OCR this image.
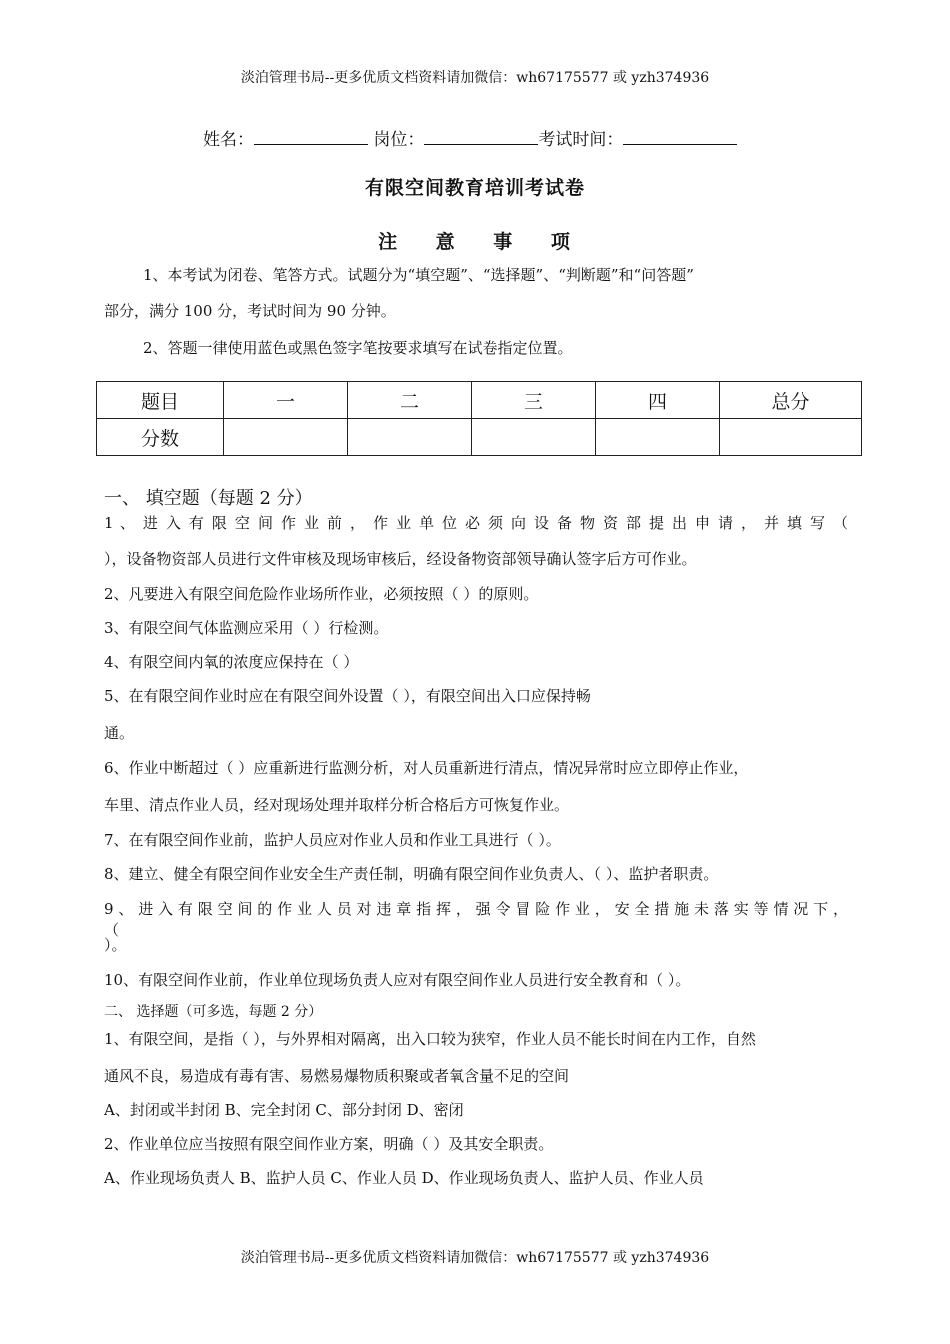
淡泊管理书局--更多优质文档资料请加微信：wh67175577 或 yzh374936
姓名：	岗位：	考试时间：
有限空间教育培训考试卷
注 意 事 项
1、本考试为闭卷、笔答方式。试题分为“填空题”、“选择题”、“判断题”和“问答题”
部分，满分 100 分，考试时间为 90 分钟。
2、答题一律使用蓝色或黑色签字笔按要求填写在试卷指定位置。
题目	一	二	三	四	总分
分数					
一、 填空题（每题 2 分）
1 、 进 入 有 限 空 间 作 业 前 ， 作 业 单 位 必 须 向 设 备 物 资 部 提 出 申 请 ， 并 填 写 （
），设备物资部人员进行文件审核及现场审核后，经设备物资部领导确认签字后方可作业。
2、凡要进入有限空间危险作业场所作业，必须按照（ ）的原则。
3、有限空间气体监测应采用（ ）行检测。
4、有限空间内氧的浓度应保持在（ ）
5、在有限空间作业时应在有限空间外设置（ ），有限空间出入口应保持畅
通。
6、作业中断超过（ ）应重新进行监测分析，对人员重新进行清点，情况异常时应立即停止作业，
车里、清点作业人员，经对现场处理并取样分析合格后方可恢复作业。
7、在有限空间作业前，监护人员应对作业人员和作业工具进行（ ）。
8、建立、健全有限空间作业安全生产责任制，明确有限空间作业负责人、（ ）、监护者职责。
9 、 进 入 有 限 空 间 的 作 业 人 员 对 违 章 指 挥 ， 强 令 冒 险 作 业 ， 安 全 措 施 未 落 实 等 情 况 下 ， （
）。
10、有限空间作业前，作业单位现场负责人应对有限空间作业人员进行安全教育和（ ）。
二、 选择题（可多选，每题 2 分）
1、有限空间，是指（ ），与外界相对隔离，出入口较为狭窄，作业人员不能长时间在内工作，自然
通风不良，易造成有毒有害、易燃易爆物质积聚或者氧含量不足的空间
A、封闭或半封闭 B、完全封闭 C、部分封闭 D、密闭
2、作业单位应当按照有限空间作业方案，明确（ ）及其安全职责。
A、作业现场负责人 B、监护人员 C、作业人员 D、作业现场负责人、监护人员、作业人员
淡泊管理书局--更多优质文档资料请加微信：wh67175577 或 yzh374936
